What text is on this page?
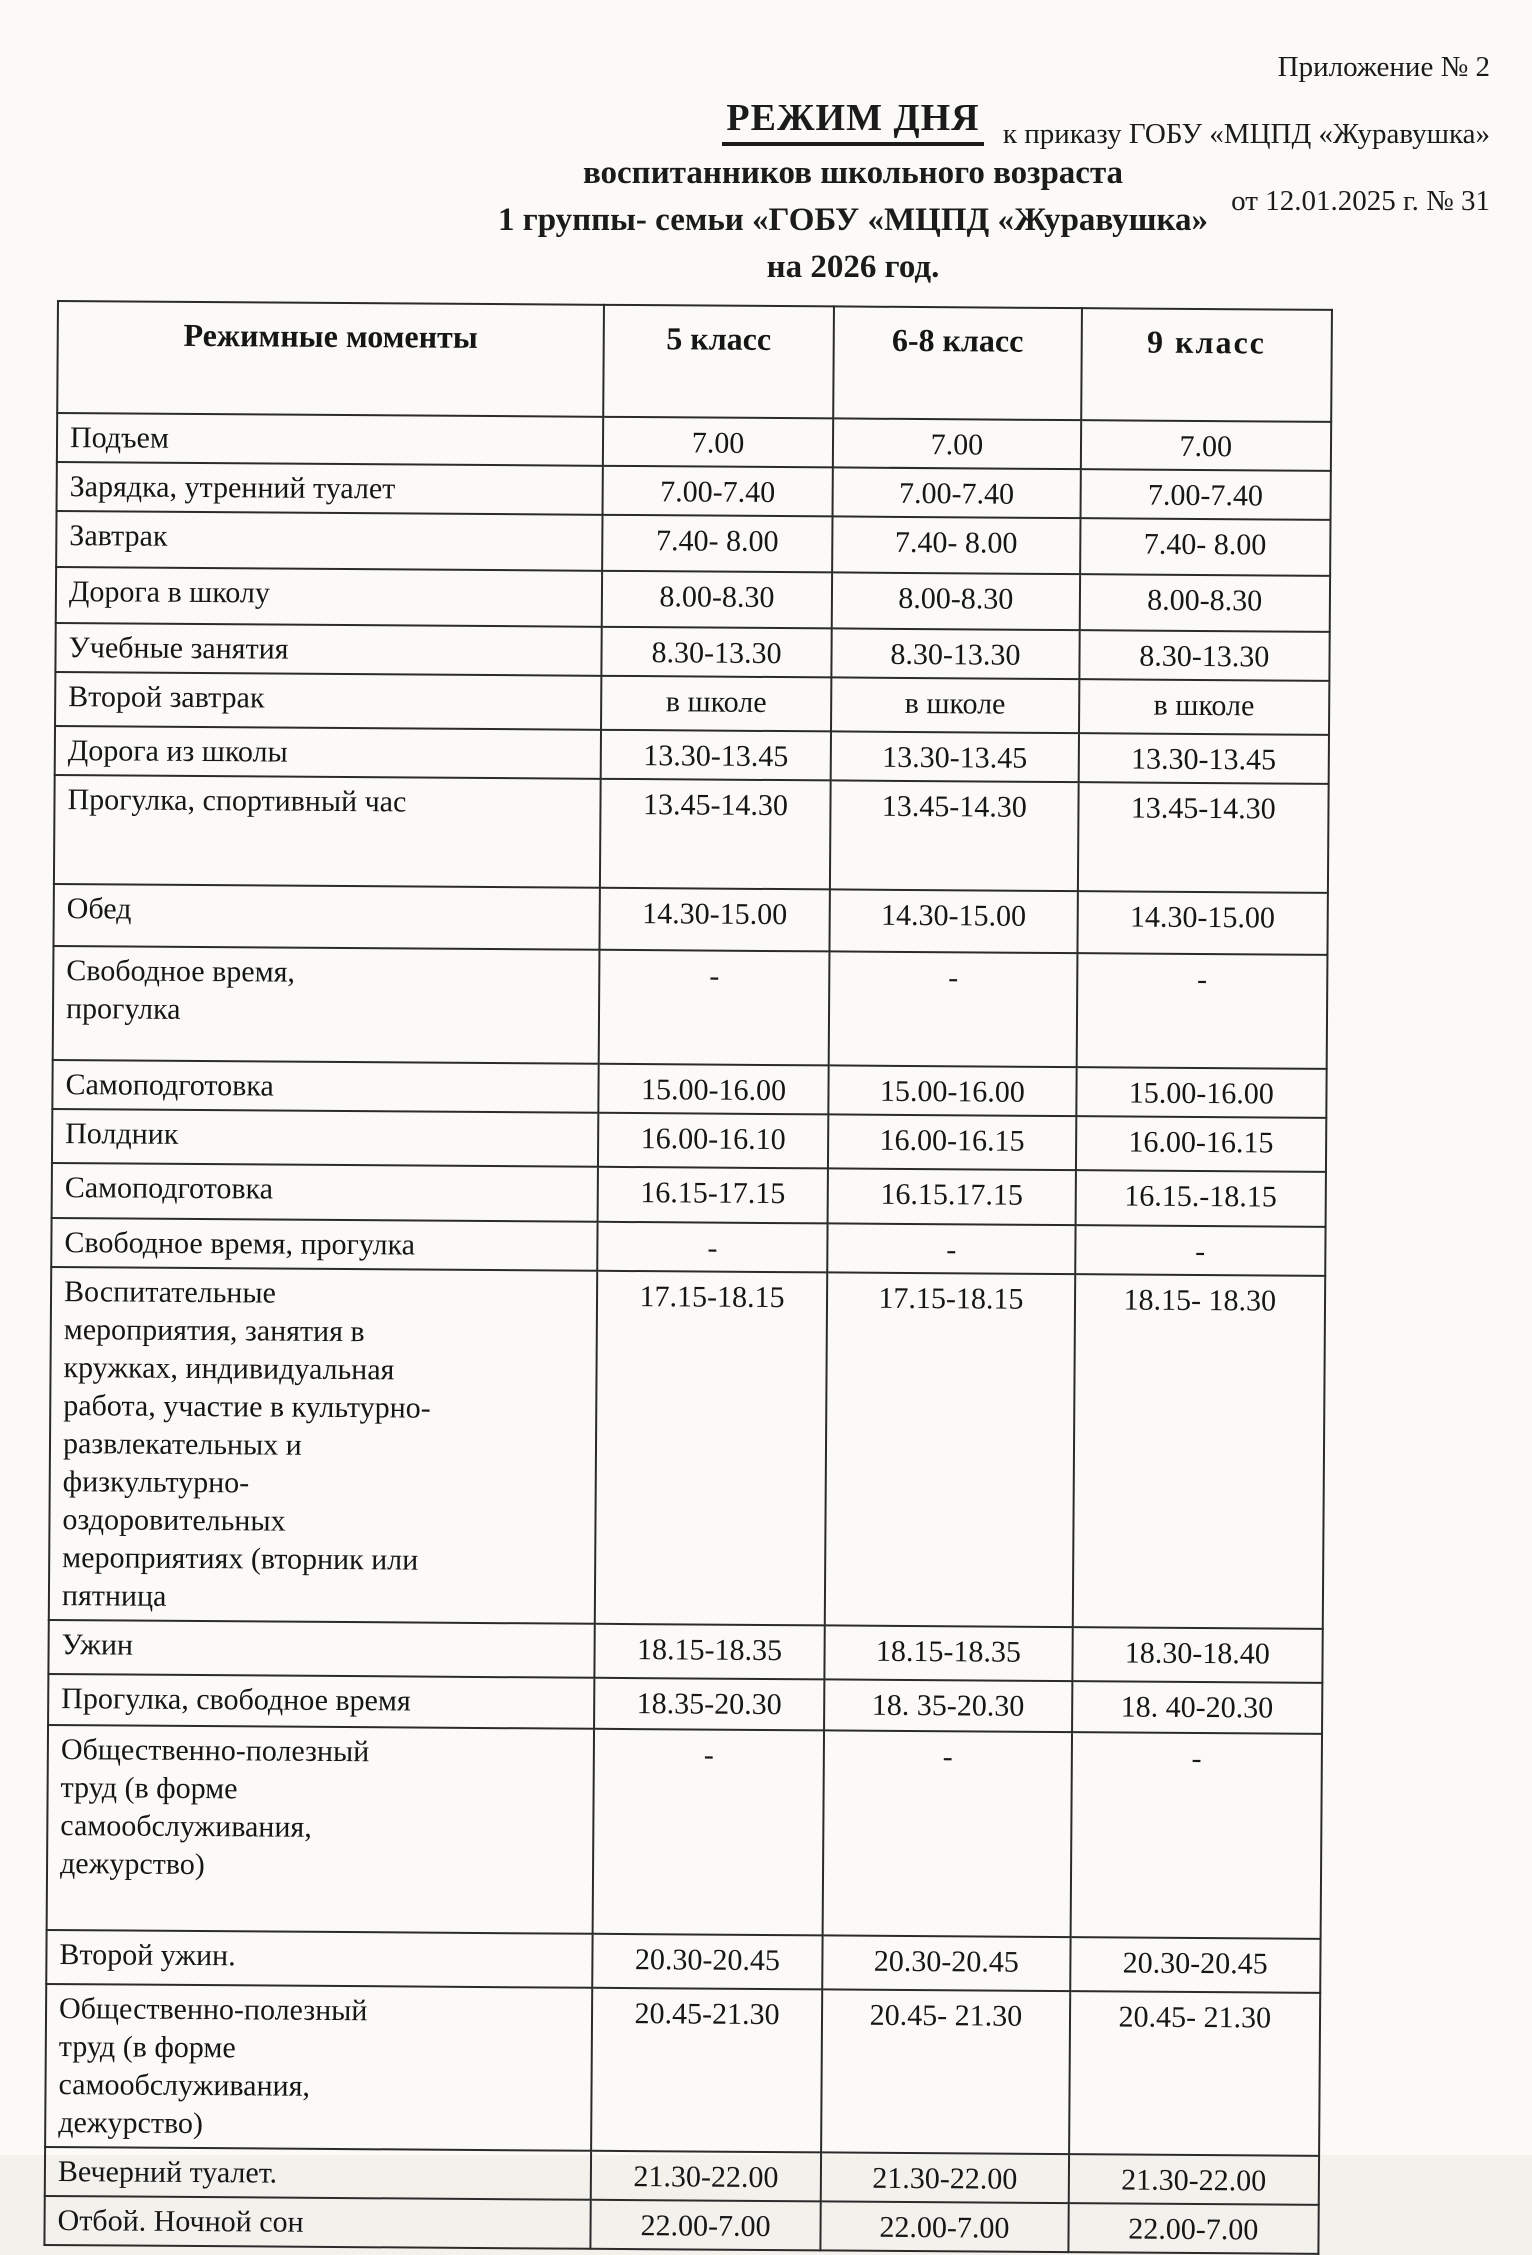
Приложение № 2

к приказу ГОБУ «МЦПД «Журавушка»

от 12.01.2025 г. № 31

РЕЖИМ ДНЯ
воспитанников школьного возраста
1 группы- семьи «ГОБУ «МЦПД «Журавушка»
на 2026 год.
Режимные моменты	5 класс	6-8 класс	9 класс
Подъем	7.00	7.00	7.00
Зарядка, утренний туалет	7.00-7.40	7.00-7.40	7.00-7.40
Завтрак	7.40- 8.00	7.40- 8.00	7.40- 8.00
Дорога в школу	8.00-8.30	8.00-8.30	8.00-8.30
Учебные занятия	8.30-13.30	8.30-13.30	8.30-13.30
Второй завтрак	в школе	в школе	в школе
Дорога из школы	13.30-13.45	13.30-13.45	13.30-13.45
Прогулка, спортивный час	13.45-14.30	13.45-14.30	13.45-14.30
Обед	14.30-15.00	14.30-15.00	14.30-15.00
Свободное время,
прогулка	-	-	-
Самоподготовка	15.00-16.00	15.00-16.00	15.00-16.00
Полдник	16.00-16.10	16.00-16.15	16.00-16.15
Самоподготовка	16.15-17.15	16.15.17.15	16.15.-18.15
Свободное время, прогулка	-	-	-
Воспитательные
мероприятия, занятия в
кружках, индивидуальная
работа, участие в культурно-
развлекательных и
физкультурно-
оздоровительных
мероприятиях (вторник или
пятница	17.15-18.15	17.15-18.15	18.15- 18.30
Ужин	18.15-18.35	18.15-18.35	18.30-18.40
Прогулка, свободное время	18.35-20.30	18. 35-20.30	18. 40-20.30
Общественно-полезный
труд (в форме
самообслуживания,
дежурство)	-	-	-
Второй ужин.	20.30-20.45	20.30-20.45	20.30-20.45
Общественно-полезный
труд (в форме
самообслуживания,
дежурство)	20.45-21.30	20.45- 21.30	20.45- 21.30
Вечерний туалет.	21.30-22.00	21.30-22.00	21.30-22.00
Отбой. Ночной сон	22.00-7.00	22.00-7.00	22.00-7.00
